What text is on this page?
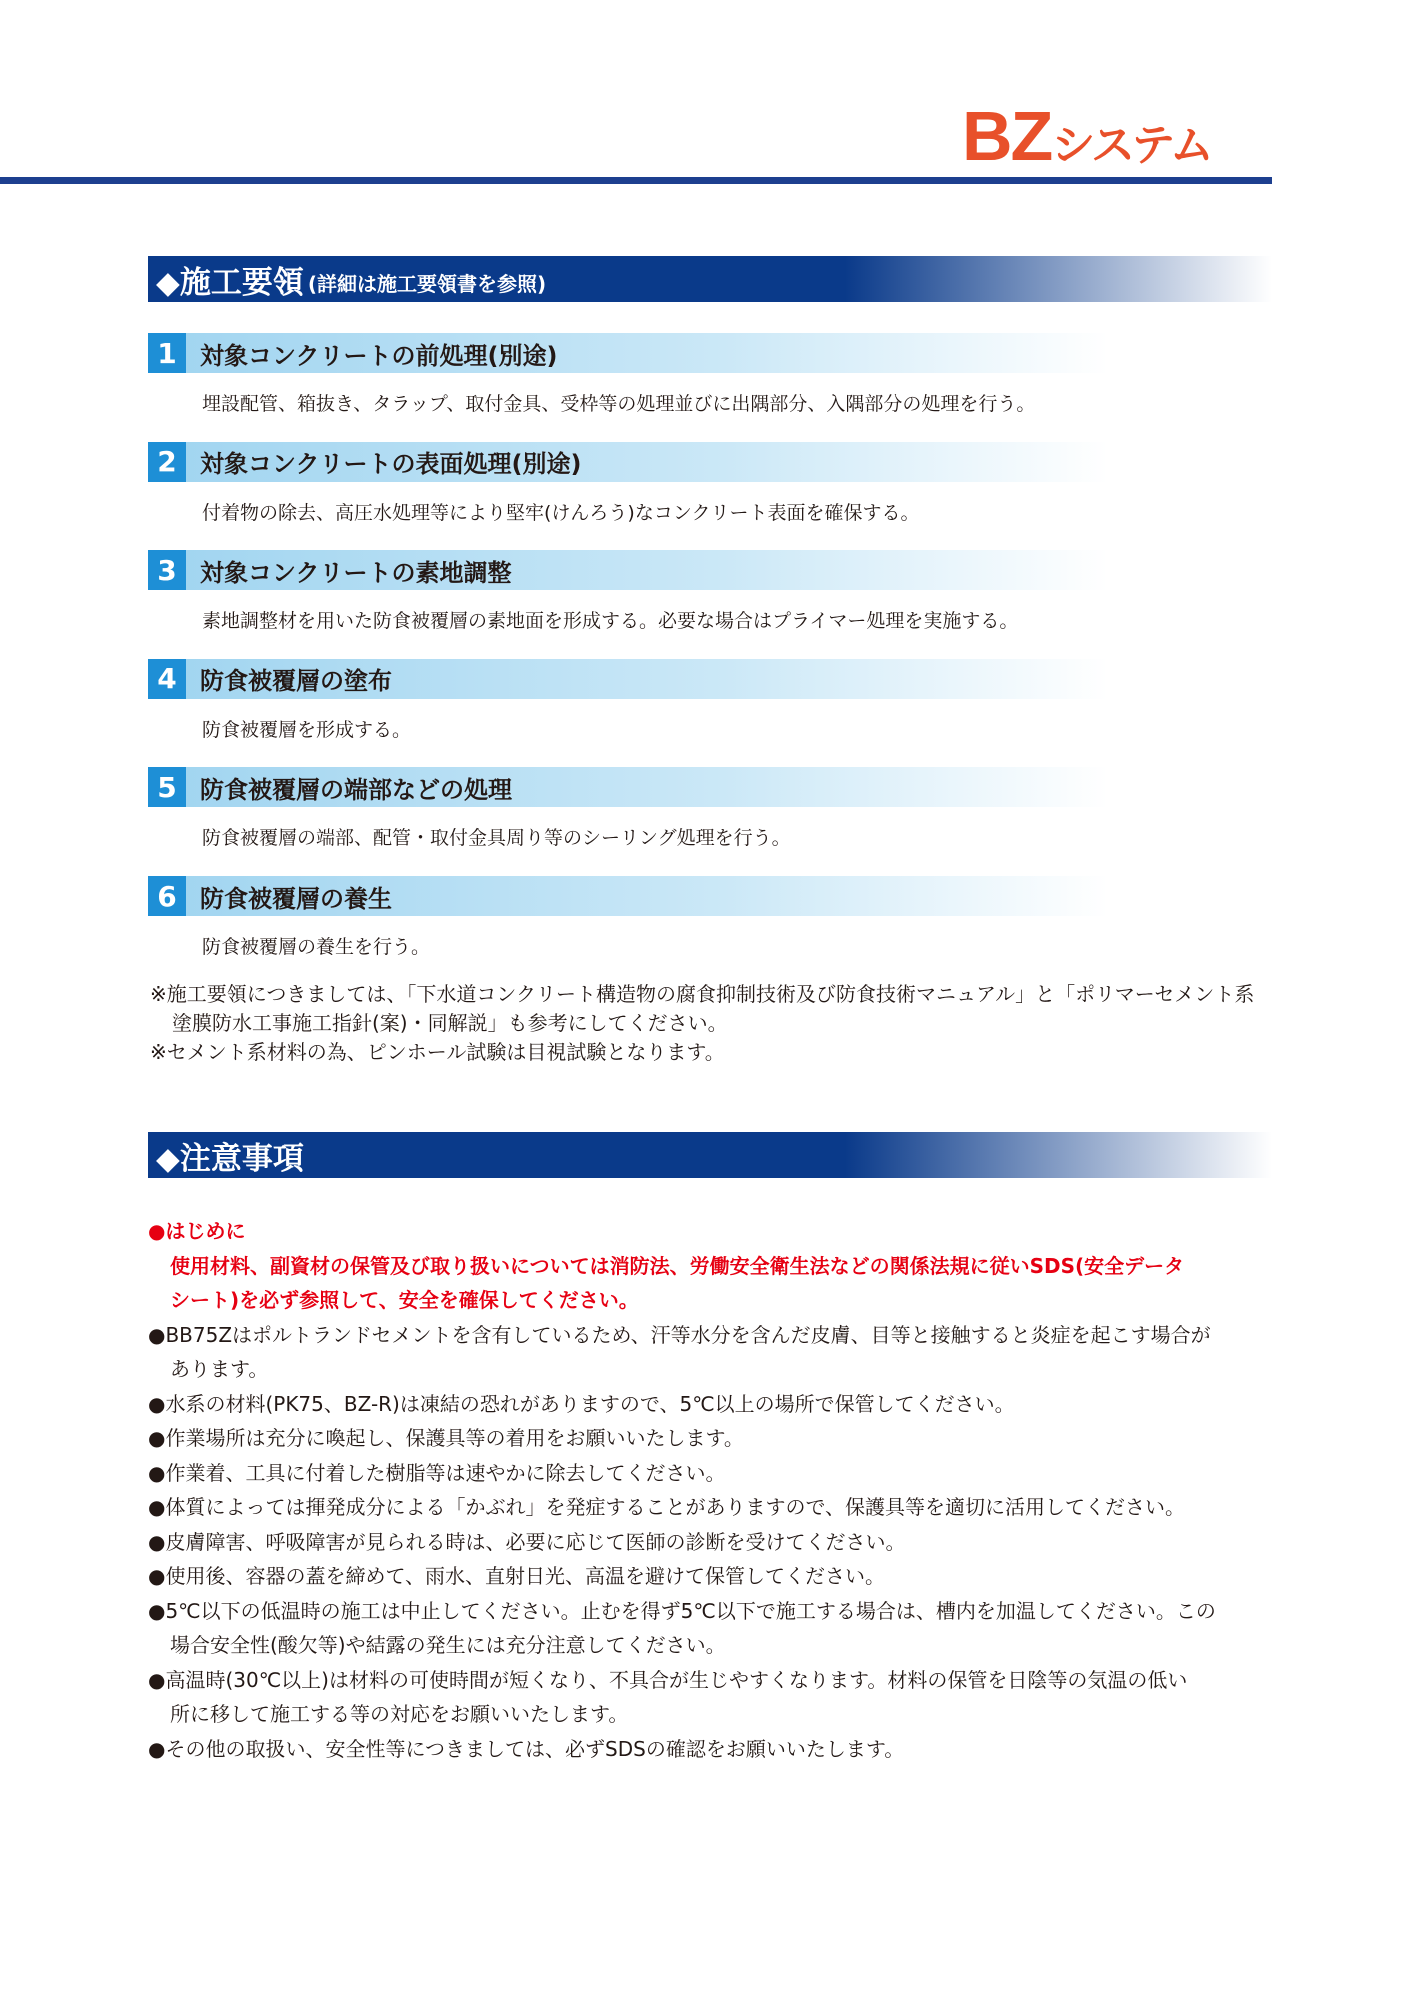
BZシステム
◆施工要領 (詳細は施工要領書を参照)
1 対象コンクリートの前処理(別途)
埋設配管、箱抜き、タラップ、取付金具、受枠等の処理並びに出隅部分、入隅部分の処理を行う。
2 対象コンクリートの表面処理(別途)
付着物の除去、高圧水処理等により堅牢(けんろう)なコンクリート表面を確保する。
3 対象コンクリートの素地調整
素地調整材を用いた防食被覆層の素地面を形成する。必要な場合はプライマー処理を実施する。
4 防食被覆層の塗布
防食被覆層を形成する。
5 防食被覆層の端部などの処理
防食被覆層の端部、配管・取付金具周り等のシーリング処理を行う。
6 防食被覆層の養生
防食被覆層の養生を行う。
※施工要領につきましては、「下水道コンクリート構造物の腐食抑制技術及び防食技術マニュアル」と「ポリマーセメント系
塗膜防水工事施工指針(案)・同解説」も参考にしてください。
※セメント系材料の為、ピンホール試験は目視試験となります。
◆注意事項
●はじめに
使用材料、副資材の保管及び取り扱いについては消防法、労働安全衛生法などの関係法規に従いSDS(安全データ
シート)を必ず参照して、安全を確保してください。
●BB75Zはポルトランドセメントを含有しているため、汗等水分を含んだ皮膚、目等と接触すると炎症を起こす場合が
あります。
●水系の材料(PK75、BZ-R)は凍結の恐れがありますので、5℃以上の場所で保管してください。
●作業場所は充分に喚起し、保護具等の着用をお願いいたします。
●作業着、工具に付着した樹脂等は速やかに除去してください。
●体質によっては揮発成分による「かぶれ」を発症することがありますので、保護具等を適切に活用してください。
●皮膚障害、呼吸障害が見られる時は、必要に応じて医師の診断を受けてください。
●使用後、容器の蓋を締めて、雨水、直射日光、高温を避けて保管してください。
●5℃以下の低温時の施工は中止してください。止むを得ず5℃以下で施工する場合は、槽内を加温してください。この
場合安全性(酸欠等)や結露の発生には充分注意してください。
●高温時(30℃以上)は材料の可使時間が短くなり、不具合が生じやすくなります。材料の保管を日陰等の気温の低い
所に移して施工する等の対応をお願いいたします。
●その他の取扱い、安全性等につきましては、必ずSDSの確認をお願いいたします。
